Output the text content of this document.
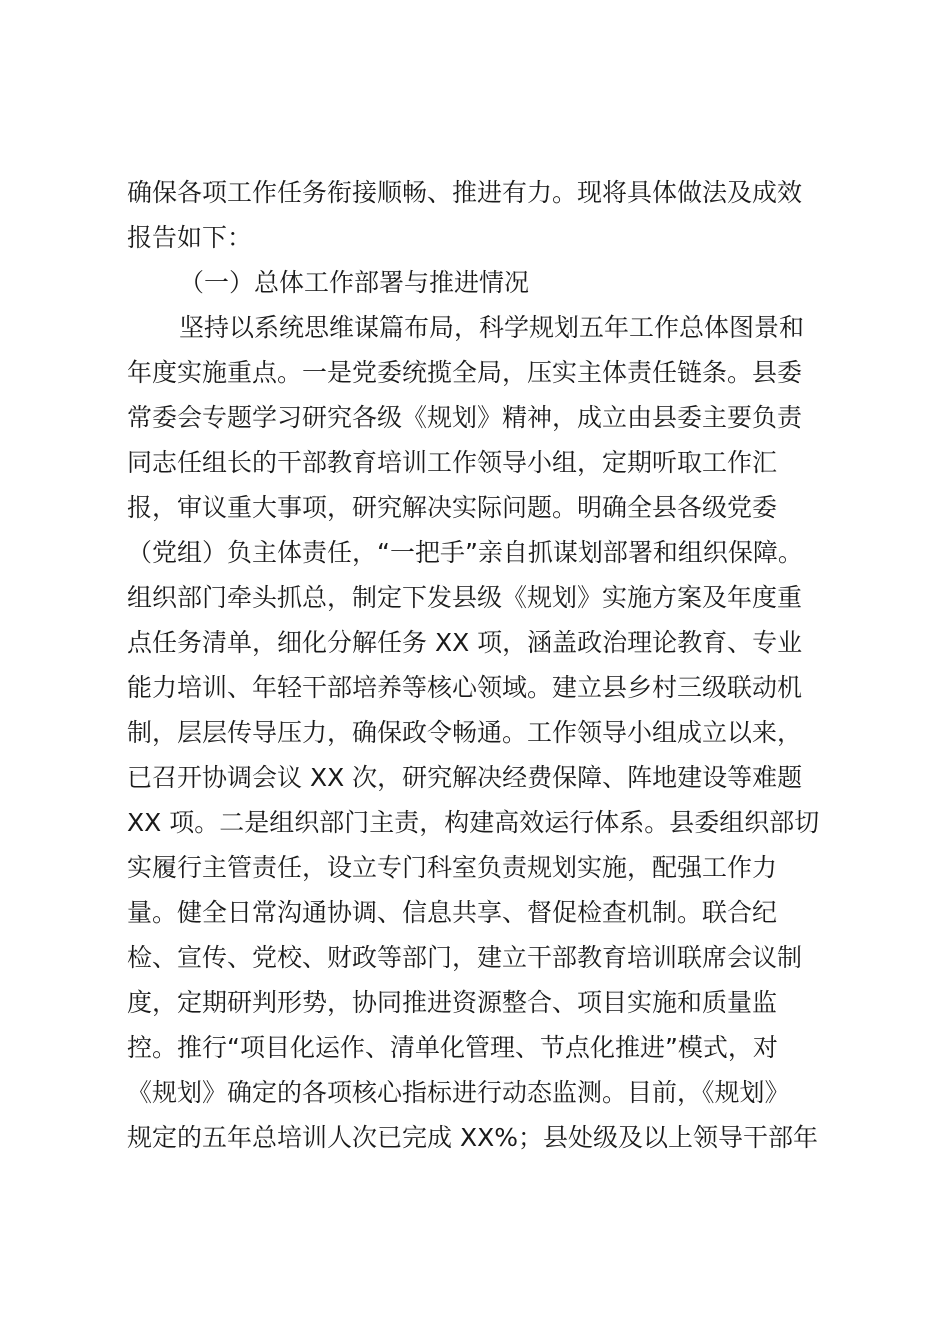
确保各项工作任务衔接顺畅、推进有力。现将具体做法及成效
报告如下：
（一）总体工作部署与推进情况
坚持以系统思维谋篇布局，科学规划五年工作总体图景和
年度实施重点。一是党委统揽全局，压实主体责任链条。县委
常委会专题学习研究各级《规划》精神，成立由县委主要负责
同志任组长的干部教育培训工作领导小组，定期听取工作汇
报，审议重大事项，研究解决实际问题。明确全县各级党委
（党组）负主体责任，“一把手”亲自抓谋划部署和组织保障。
组织部门牵头抓总，制定下发县级《规划》实施方案及年度重
点任务清单，细化分解任务 XX 项，涵盖政治理论教育、专业
能力培训、年轻干部培养等核心领域。建立县乡村三级联动机
制，层层传导压力，确保政令畅通。工作领导小组成立以来，
已召开协调会议 XX 次，研究解决经费保障、阵地建设等难题
XX 项。二是组织部门主责，构建高效运行体系。县委组织部切
实履行主管责任，设立专门科室负责规划实施，配强工作力
量。健全日常沟通协调、信息共享、督促检查机制。联合纪
检、宣传、党校、财政等部门，建立干部教育培训联席会议制
度，定期研判形势，协同推进资源整合、项目实施和质量监
控。推行“项目化运作、清单化管理、节点化推进”模式，对
《规划》确定的各项核心指标进行动态监测。目前，《规划》
规定的五年总培训人次已完成 XX%；县处级及以上领导干部年
